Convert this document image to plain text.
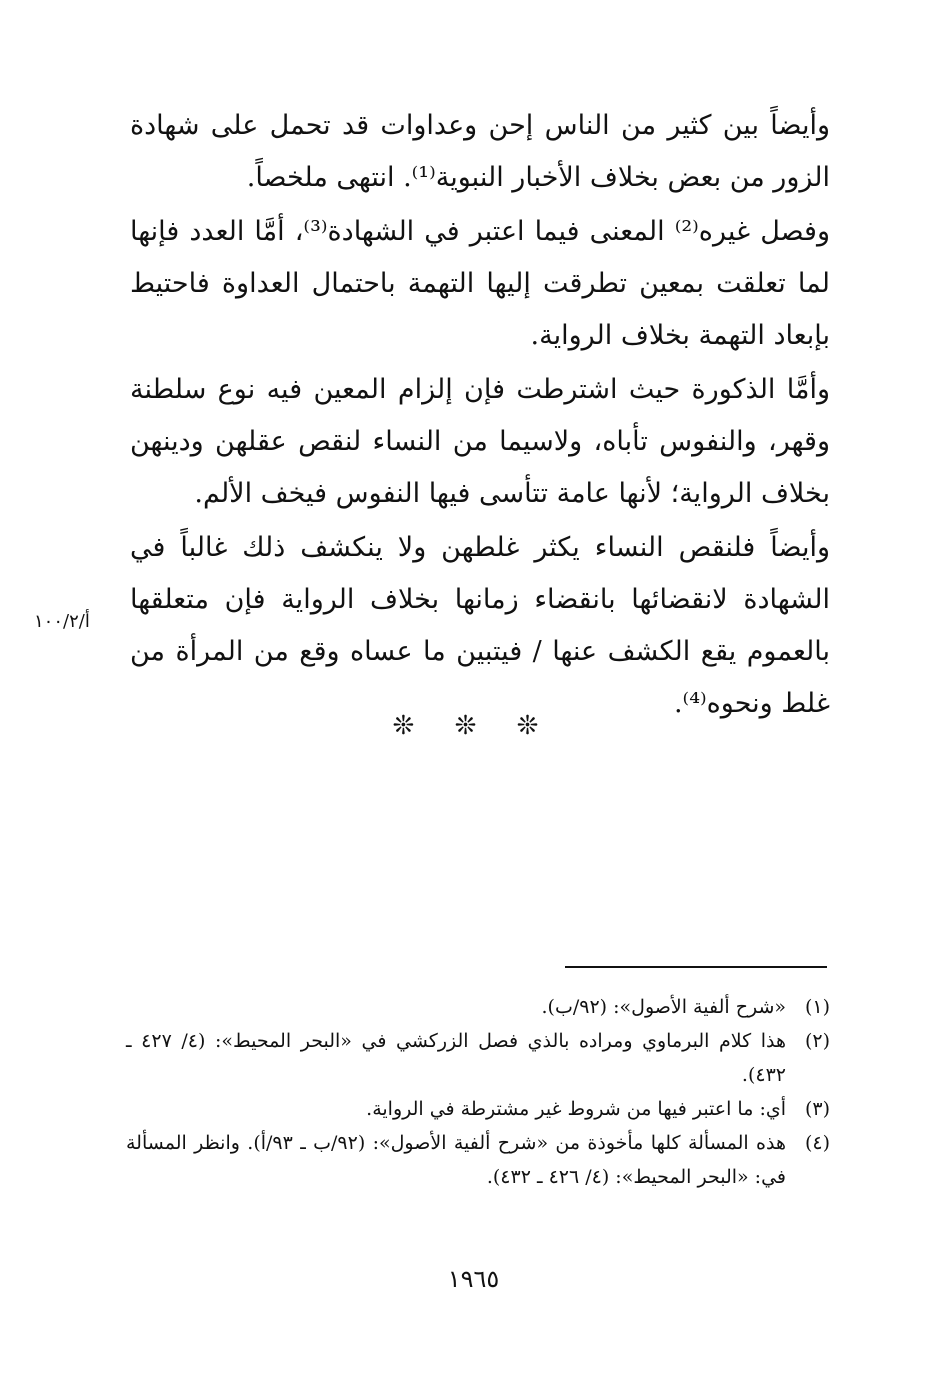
وأيضاً بين كثير من الناس إحن وعداوات قد تحمل على شهادة الزور من بعض بخلاف الأخبار النبوية⁽¹⁾. انتهى ملخصاً.

وفصل غيره⁽²⁾ المعنى فيما اعتبر في الشهادة⁽³⁾، أمَّا العدد فإنها لما تعلقت بمعين تطرقت إليها التهمة باحتمال العداوة فاحتيط بإبعاد التهمة بخلاف الرواية.

وأمَّا الذكورة حيث اشترطت فإن إلزام المعين فيه نوع سلطنة وقهر، والنفوس تأباه، ولاسيما من النساء لنقص عقلهن ودينهن بخلاف الرواية؛ لأنها عامة تتأسى فيها النفوس فيخف الألم.

وأيضاً فلنقص النساء يكثر غلطهن ولا ينكشف ذلك غالباً في الشهادة لانقضائها بانقضاء زمانها بخلاف الرواية فإن متعلقها بالعموم يقع الكشف عنها / فيتبين ما عساه وقع من المرأة من غلط ونحوه⁽⁴⁾.

أ/١٠٠/٢
❊ ❊ ❊
(١)
«شرح ألفية الأصول»: (٩٢/ب).
(٢)
هذا كلام البرماوي ومراده بالذي فصل الزركشي في «البحر المحيط»: (٤/ ٤٢٧ ـ ٤٣٢).
(٣)
أي: ما اعتبر فيها من شروط غير مشترطة في الرواية.
(٤)
هذه المسألة كلها مأخوذة من «شرح ألفية الأصول»: (٩٢/ب ـ ٩٣/أ). وانظر المسألة في: «البحر المحيط»: (٤/ ٤٢٦ ـ ٤٣٢).
١٩٦٥
